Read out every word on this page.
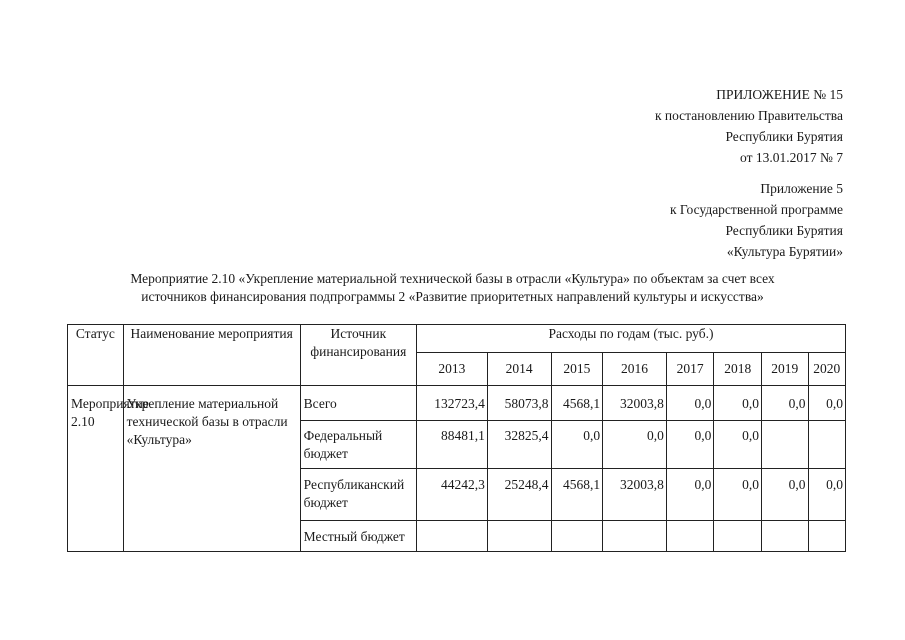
ПРИЛОЖЕНИЕ № 15
к постановлению Правительства
Республики Бурятия
от 13.01.2017 № 7
Приложение 5
к Государственной программе
Республики Бурятия
«Культура Бурятии»
Мероприятие 2.10 «Укрепление материальной технической базы в отрасли «Культура» по объектам за счет всех
источников финансирования подпрограммы 2 «Развитие приоритетных направлений культуры и искусства»
Статус	Наименование мероприятия	Источник финансирования	Расходы по годам (тыс. руб.)							
			2013	2014	2015	2016	2017	2018	2019	2020
Мероприятие 2.10	Укрепление материальной технической базы в отрасли «Культура»	Всего	132723,4	58073,8	4568,1	32003,8	0,0	0,0	0,0	0,0
		Федеральный бюджет	88481,1	32825,4	0,0	0,0	0,0	0,0		
		Республиканский бюджет	44242,3	25248,4	4568,1	32003,8	0,0	0,0	0,0	0,0
		Местный бюджет								
